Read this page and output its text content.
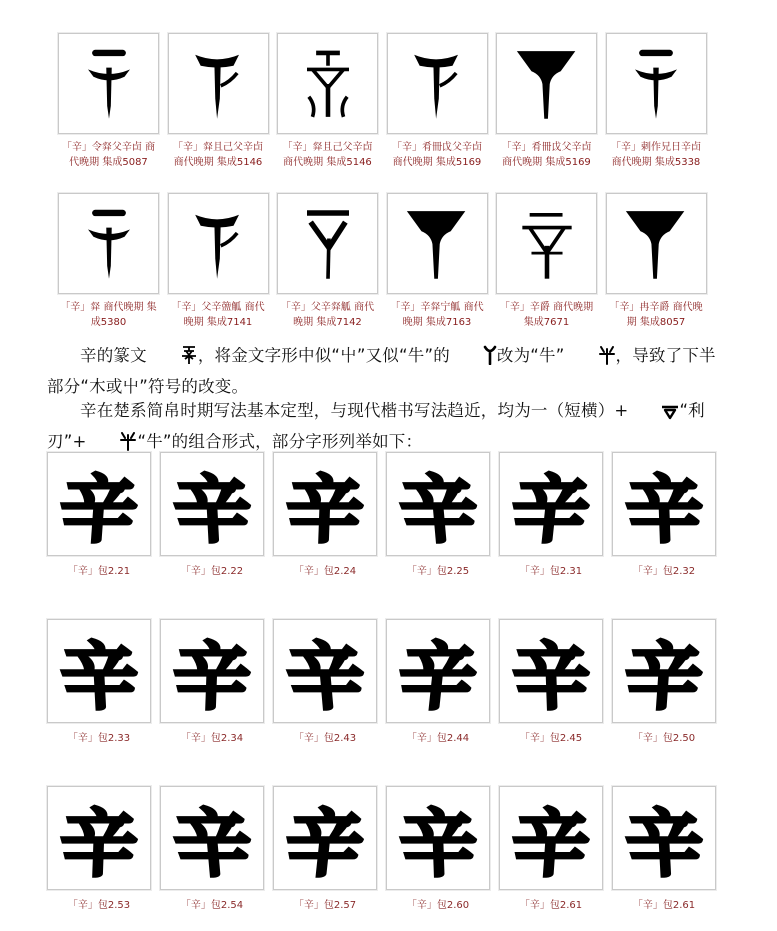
「辛」令𠭘父辛卣 商代晚期 集成5087
「辛」𠭘且己父辛卣 商代晚期 集成5146
「辛」𠭘且己父辛卣 商代晚期 集成5146
「辛」肴冊戉父辛卣 商代晚期 集成5169
「辛」肴冊戉父辛卣 商代晚期 集成5169
「辛」剌作兄日辛卣 商代晚期 集成5338
「辛」𠭘 商代晚期 集成5380
「辛」父辛䀇觚 商代晚期 集成7141
「辛」父辛𠭘觚 商代晚期 集成7142
「辛」辛𠭘宁觚 商代晚期 集成7163
「辛」辛爵 商代晚期 集成7671
「辛」冉辛爵 商代晚期 集成8057
辛的篆文	，将金文字形中似“屮”又似“牛”的	改为“牛”	，导致了下半部分“木或屮”符号的改变。
辛在楚系简帛时期写法基本定型，与现代楷书写法趋近，均为一（短横）+	“利刃”+	“牛”的组合形式，部分字形列举如下：
辛
「辛」包2.21
辛
「辛」包2.22
辛
「辛」包2.24
辛
「辛」包2.25
辛
「辛」包2.31
辛
「辛」包2.32
辛
「辛」包2.33
辛
「辛」包2.34
辛
「辛」包2.43
辛
「辛」包2.44
辛
「辛」包2.45
辛
「辛」包2.50
辛
「辛」包2.53
辛
「辛」包2.54
辛
「辛」包2.57
辛
「辛」包2.60
辛
「辛」包2.61
辛
「辛」包2.61
